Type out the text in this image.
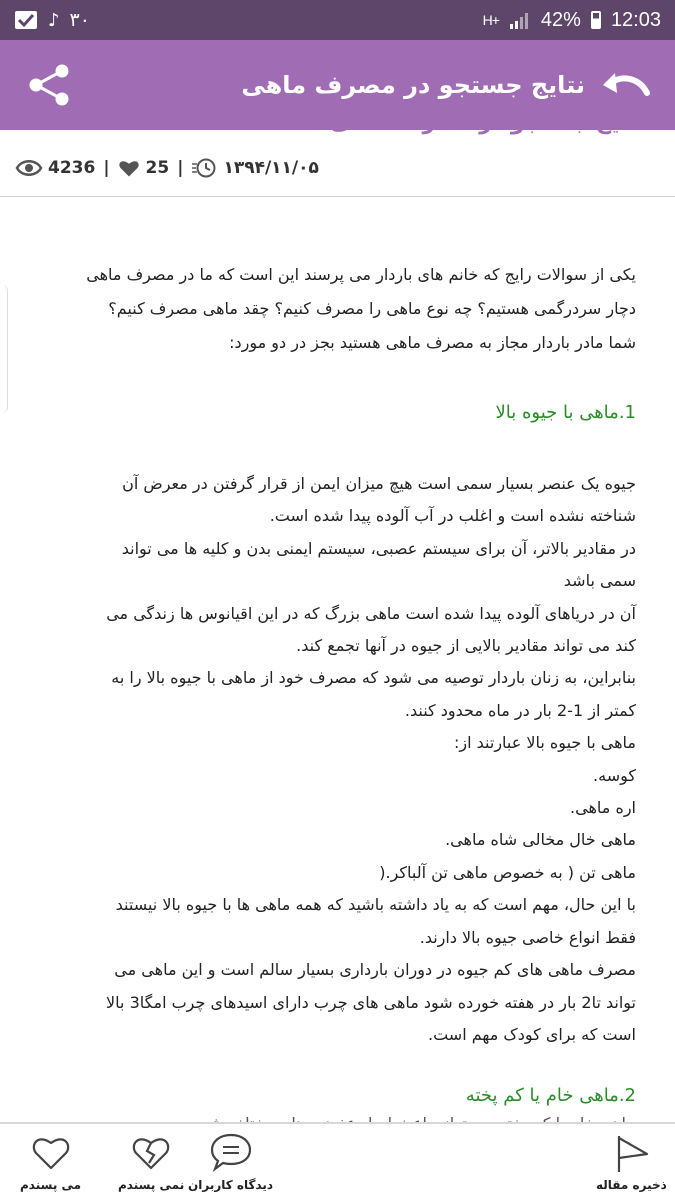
♪ ۳۰	H+ 42% 12:03
نتایج جستجو در مصرف ماهی
4236 | 25 | ۱۳۹۴/۱۱/۰۵
یکی از سوالات رایج که خانم های باردار می پرسند این است که ما در مصرف ماهی
دچار سردرگمی هستیم؟ چه نوع ماهی را مصرف کنیم؟ چقد ماهی مصرف کنیم؟
شما مادر باردار مجاز به مصرف ماهی هستید بجز در دو مورد:
1.ماهی با جیوه بالا
جیوه یک عنصر بسیار سمی است هیچ میزان ایمن از قرار گرفتن در معرض آن
شناخته نشده است و اغلب در آب آلوده پیدا شده است.
در مقادیر بالاتر، آن برای سیستم عصبی، سیستم ایمنی بدن و کلیه ها می تواند
سمی باشد
آن در دریاهای آلوده پیدا شده است ماهی بزرگ که در این اقیانوس ها زندگی می
کند می تواند مقادیر بالایی از جیوه در آنها تجمع کند.
بنابراین، به زنان باردار توصیه می شود که مصرف خود از ماهی با جیوه بالا را به
کمتر از 1-2 بار در ماه محدود کنند.
ماهی با جیوه بالا عبارتند از:
کوسه.
اره ماهی.
ماهی خال مخالی شاه ماهی.
ماهی تن ( به خصوص ماهی تن آلباکر.(
با این حال، مهم است که به یاد داشته باشید که همه ماهی ها با جیوه بالا نیستند
فقط انواع خاصی جیوه بالا دارند.
مصرف ماهی های کم جیوه در دوران بارداری بسیار سالم است و این ماهی می
تواند تا2 بار در هفته خورده شود ماهی های چرب دارای اسیدهای چرب امگا3 بالا
است که برای کودک مهم است.
2.ماهی خام یا کم پخته
می پسندم	نمی پسندم دیدگاه کاربران	ذخیره مقاله
